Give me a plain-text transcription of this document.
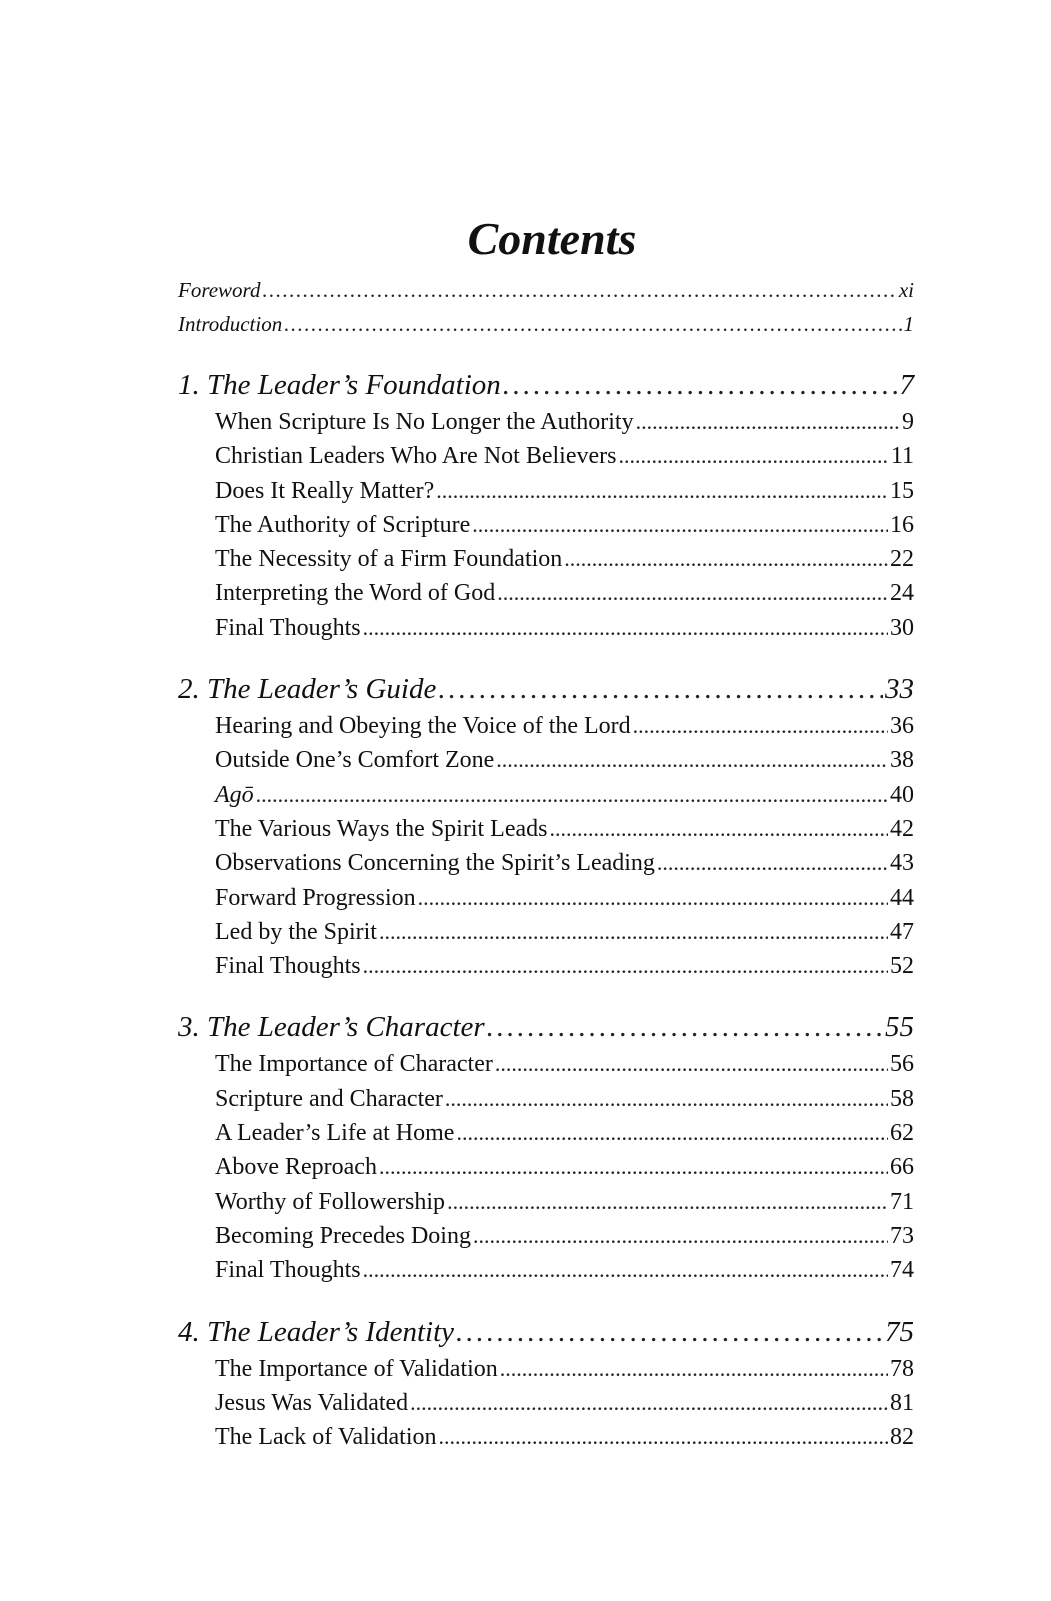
Contents
Foreword .....	xi
Introduction .....	1
1. The Leader’s Foundation .....	7
When Scripture Is No Longer the Authority .....	9
Christian Leaders Who Are Not Believers .....	11
Does It Really Matter? .....	15
The Authority of Scripture .....	16
The Necessity of a Firm Foundation .....	22
Interpreting the Word of God .....	24
Final Thoughts .....	30
2. The Leader’s Guide .....	33
Hearing and Obeying the Voice of the Lord .....	36
Outside One’s Comfort Zone .....	38
Agō .....	40
The Various Ways the Spirit Leads .....	42
Observations Concerning the Spirit’s Leading .....	43
Forward Progression .....	44
Led by the Spirit .....	47
Final Thoughts .....	52
3. The Leader’s Character .....	55
The Importance of Character .....	56
Scripture and Character .....	58
A Leader’s Life at Home .....	62
Above Reproach .....	66
Worthy of Followership .....	71
Becoming Precedes Doing .....	73
Final Thoughts .....	74
4. The Leader’s Identity .....	75
The Importance of Validation .....	78
Jesus Was Validated .....	81
The Lack of Validation .....	82
